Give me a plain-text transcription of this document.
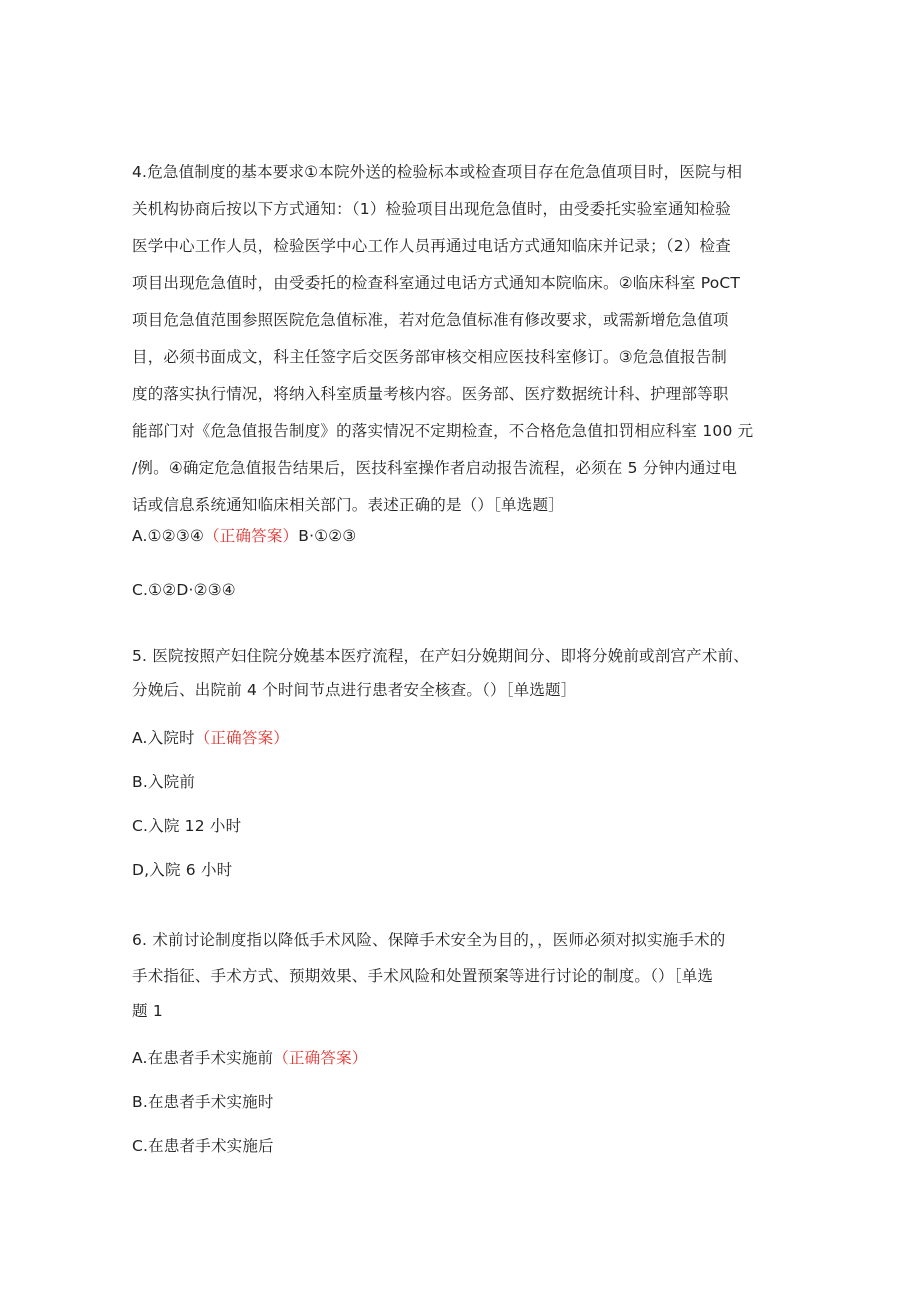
4.危急值制度的基本要求①本院外送的检验标本或检查项目存在危急值项目时，医院与相
关机构协商后按以下方式通知：（1）检验项目出现危急值时，由受委托实验室通知检验
医学中心工作人员，检验医学中心工作人员再通过电话方式通知临床并记录；（2）检查
项目出现危急值时，由受委托的检查科室通过电话方式通知本院临床。②临床科室 PoCT
项目危急值范围参照医院危急值标准，若对危急值标准有修改要求，或需新增危急值项
目，必须书面成文，科主任签字后交医务部审核交相应医技科室修订。③危急值报告制
度的落实执行情况，将纳入科室质量考核内容。医务部、医疗数据统计科、护理部等职
能部门对《危急值报告制度》的落实情况不定期检查，不合格危急值扣罚相应科室 100 元
/例。④确定危急值报告结果后，医技科室操作者启动报告流程，必须在 5 分钟内通过电
话或信息系统通知临床相关部门。表述正确的是（）［单选题］
A.①②③④（正确答案）B·①②③
C.①②D·②③④
5. 医院按照产妇住院分娩基本医疗流程，在产妇分娩期间分、即将分娩前或剖宫产术前、
分娩后、出院前 4 个时间节点进行患者安全核查。（）［单选题］
A.入院时（正确答案）
B.入院前
C.入院 12 小时
D,入院 6 小时
6. 术前讨论制度指以降低手术风险、保障手术安全为目的，，医师必须对拟实施手术的
手术指征、手术方式、预期效果、手术风险和处置预案等进行讨论的制度。（）［单选
题 1
A.在患者手术实施前（正确答案）
B.在患者手术实施时
C.在患者手术实施后
